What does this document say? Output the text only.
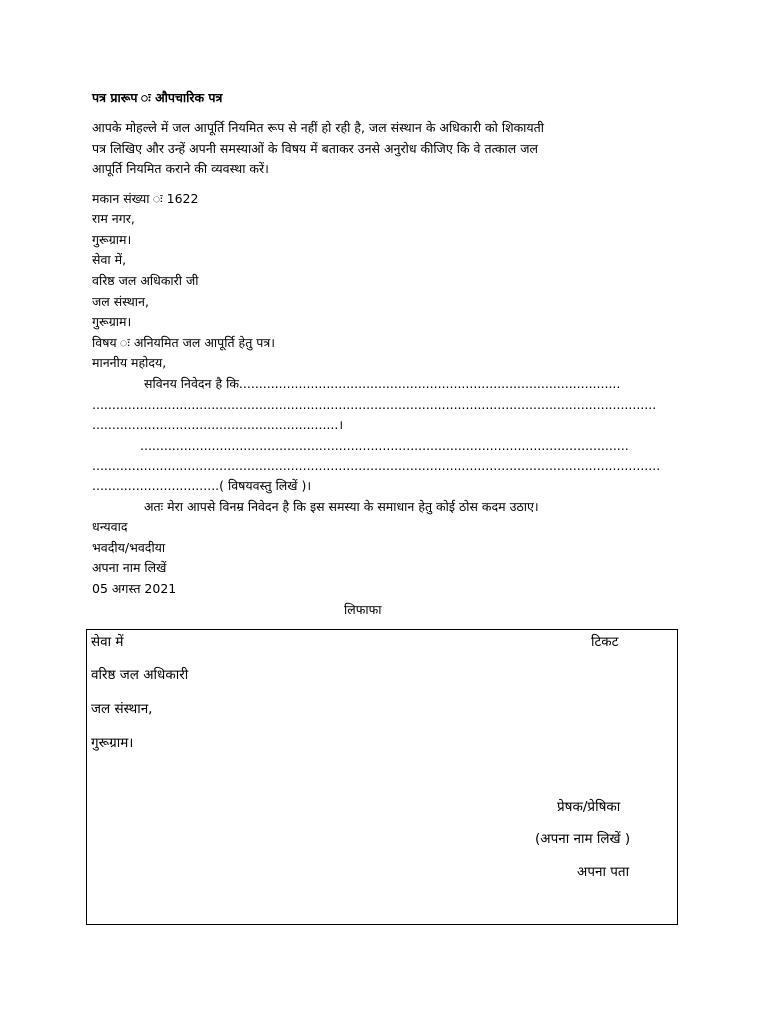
पत्र प्रारूप ः औपचारिक पत्र
आपके मोहल्ले में जल आपूर्ति नियमित रूप से नहीं हो रही है, जल संस्थान के अधिकारी को शिकायती
पत्र लिखिए और उन्हें अपनी समस्याओं के विषय में बताकर उनसे अनुरोध कीजिए कि वे तत्काल जल
आपूर्ति नियमित कराने की व्यवस्था करें।
मकान संख्या ः 1622
राम नगर,
गुरूग्राम।
सेवा में,
वरिष्ठ जल अधिकारी जी
जल संस्थान,
गुरूग्राम।
विषय ः अनियमित जल आपूर्ति हेतु पत्र।
माननीय महोदय,
सविनय निवेदन है कि................................................................................................
..............................................................................................................................................
..............................................................।
...........................................................................................................................
...............................................................................................................................................
................................( विषयवस्तु लिखें )।
अतः मेरा आपसे विनम्र निवेदन है कि इस समस्या के समाधान हेतु कोई ठोस कदम उठाए।
धन्यवाद
भवदीय/भवदीया
अपना नाम लिखें
05 अगस्त 2021
लिफाफा
सेवा में	टिकट
वरिष्ठ जल अधिकारी
जल संस्थान,
गुरूग्राम।
प्रेषक/प्रेषिका
(अपना नाम लिखें )
अपना पता
